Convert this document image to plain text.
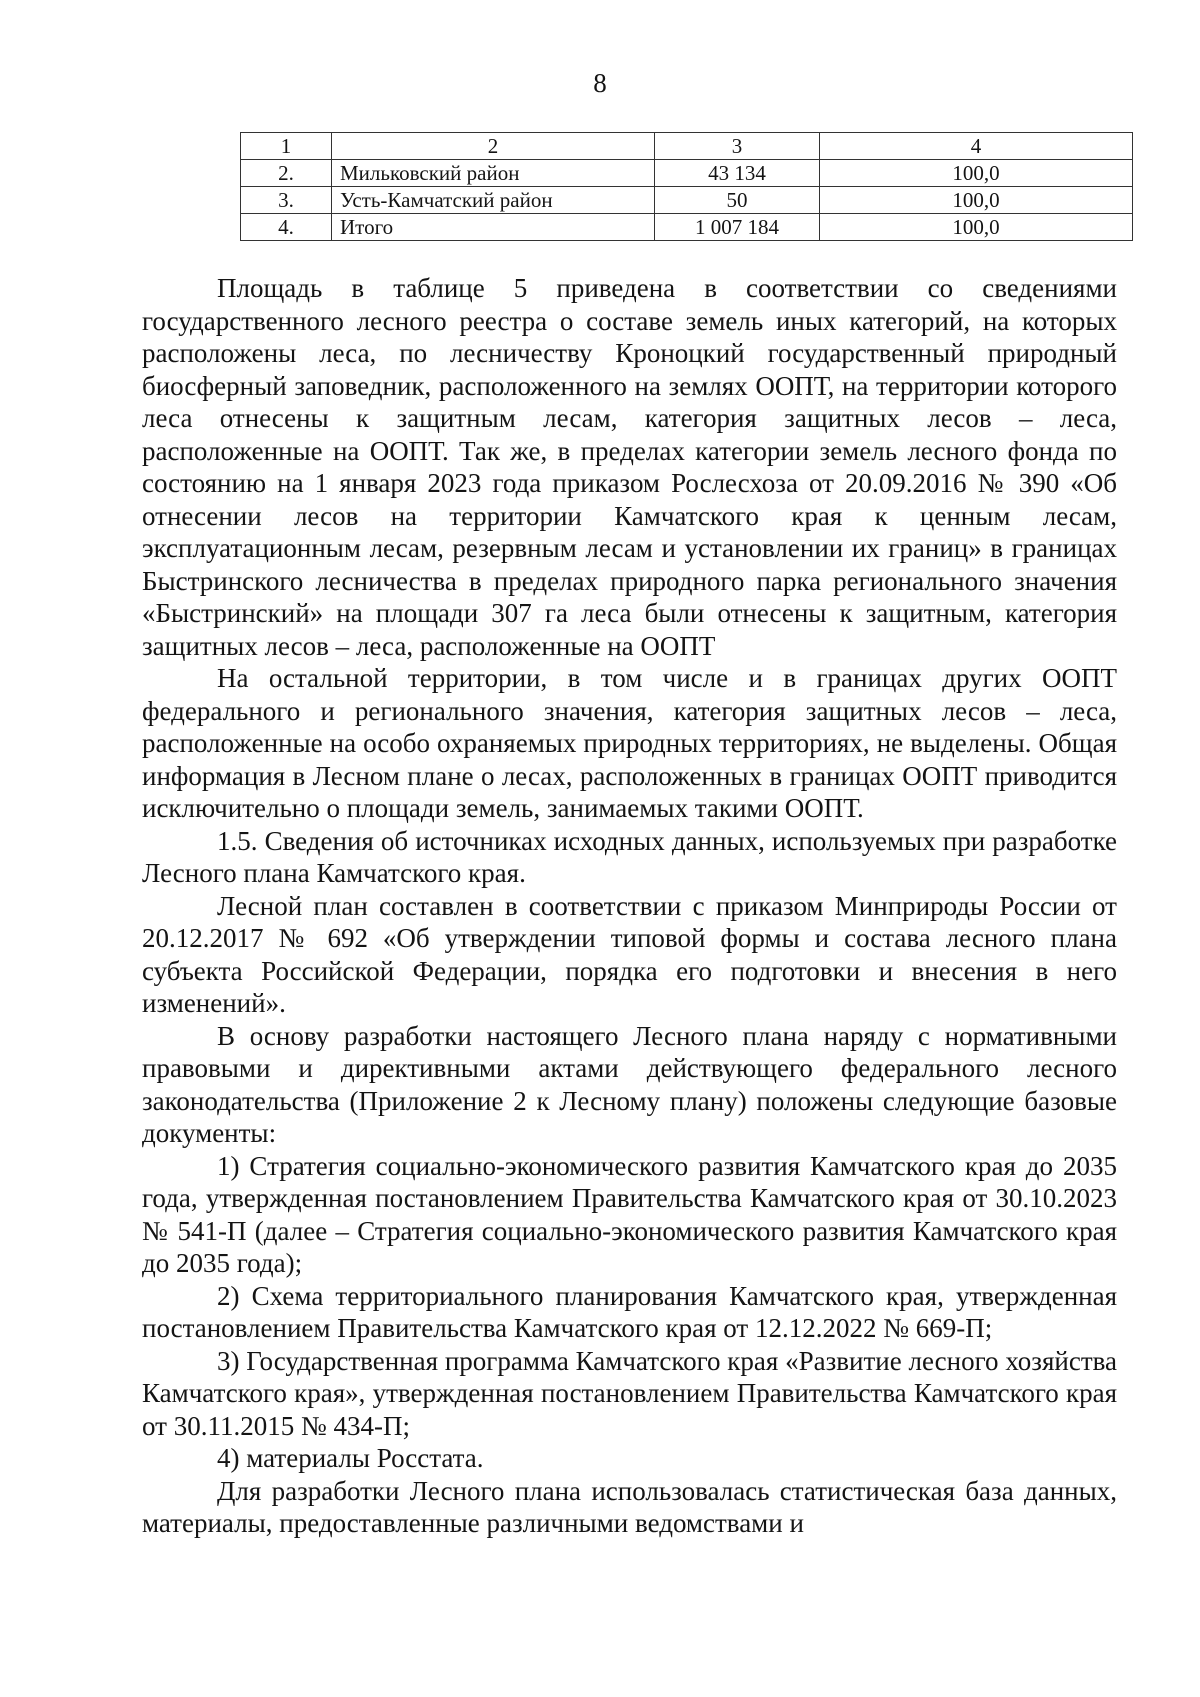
8
1	2	3	4
2.	Мильковский район	43 134	100,0
3.	Усть-Камчатский район	50	100,0
4.	Итого	1 007 184	100,0

Площадь в таблице 5 приведена в соответствии со сведениями государственного лесного реестра о составе земель иных категорий, на которых расположены леса, по лесничеству Кроноцкий государственный природный биосферный заповедник, расположенного на землях ООПТ, на территории которого леса отнесены к защитным лесам, категория защитных лесов – леса, расположенные на ООПТ. Так же, в пределах категории земель лесного фонда по состоянию на 1 января 2023 года приказом Рослесхоза от 20.09.2016 № 390 «Об отнесении лесов на территории Камчатского края к ценным лесам, эксплуатационным лесам, резервным лесам и установлении их границ» в границах Быстринского лесничества в пределах природного парка регионального значения «Быстринский» на площади 307 га леса были отнесены к защитным, категория защитных лесов – леса, расположенные на ООПТ

На остальной территории, в том числе и в границах других ООПТ федерального и регионального значения, категория защитных лесов – леса, расположенные на особо охраняемых природных территориях, не выделены. Общая информация в Лесном плане о лесах, расположенных в границах ООПТ приводится исключительно о площади земель, занимаемых такими ООПТ.

1.5. Сведения об источниках исходных данных, используемых при разработке Лесного плана Камчатского края.

Лесной план составлен в соответствии с приказом Минприроды России от 20.12.2017 № 692 «Об утверждении типовой формы и состава лесного плана субъекта Российской Федерации, порядка его подготовки и внесения в него изменений».

В основу разработки настоящего Лесного плана наряду с нормативными правовыми и директивными актами действующего федерального лесного законодательства (Приложение 2 к Лесному плану) положены следующие базовые документы:

1) Стратегия социально-экономического развития Камчатского края до 2035 года, утвержденная постановлением Правительства Камчатского края от 30.10.2023 № 541-П (далее – Стратегия социально-экономического развития Камчатского края до 2035 года);

2) Схема территориального планирования Камчатского края, утвержденная постановлением Правительства Камчатского края от 12.12.2022 № 669-П;

3) Государственная программа Камчатского края «Развитие лесного хозяйства Камчатского края», утвержденная постановлением Правительства Камчатского края от 30.11.2015 № 434-П;

4) материалы Росстата.

Для разработки Лесного плана использовалась статистическая база данных, материалы, предоставленные различными ведомствами и
